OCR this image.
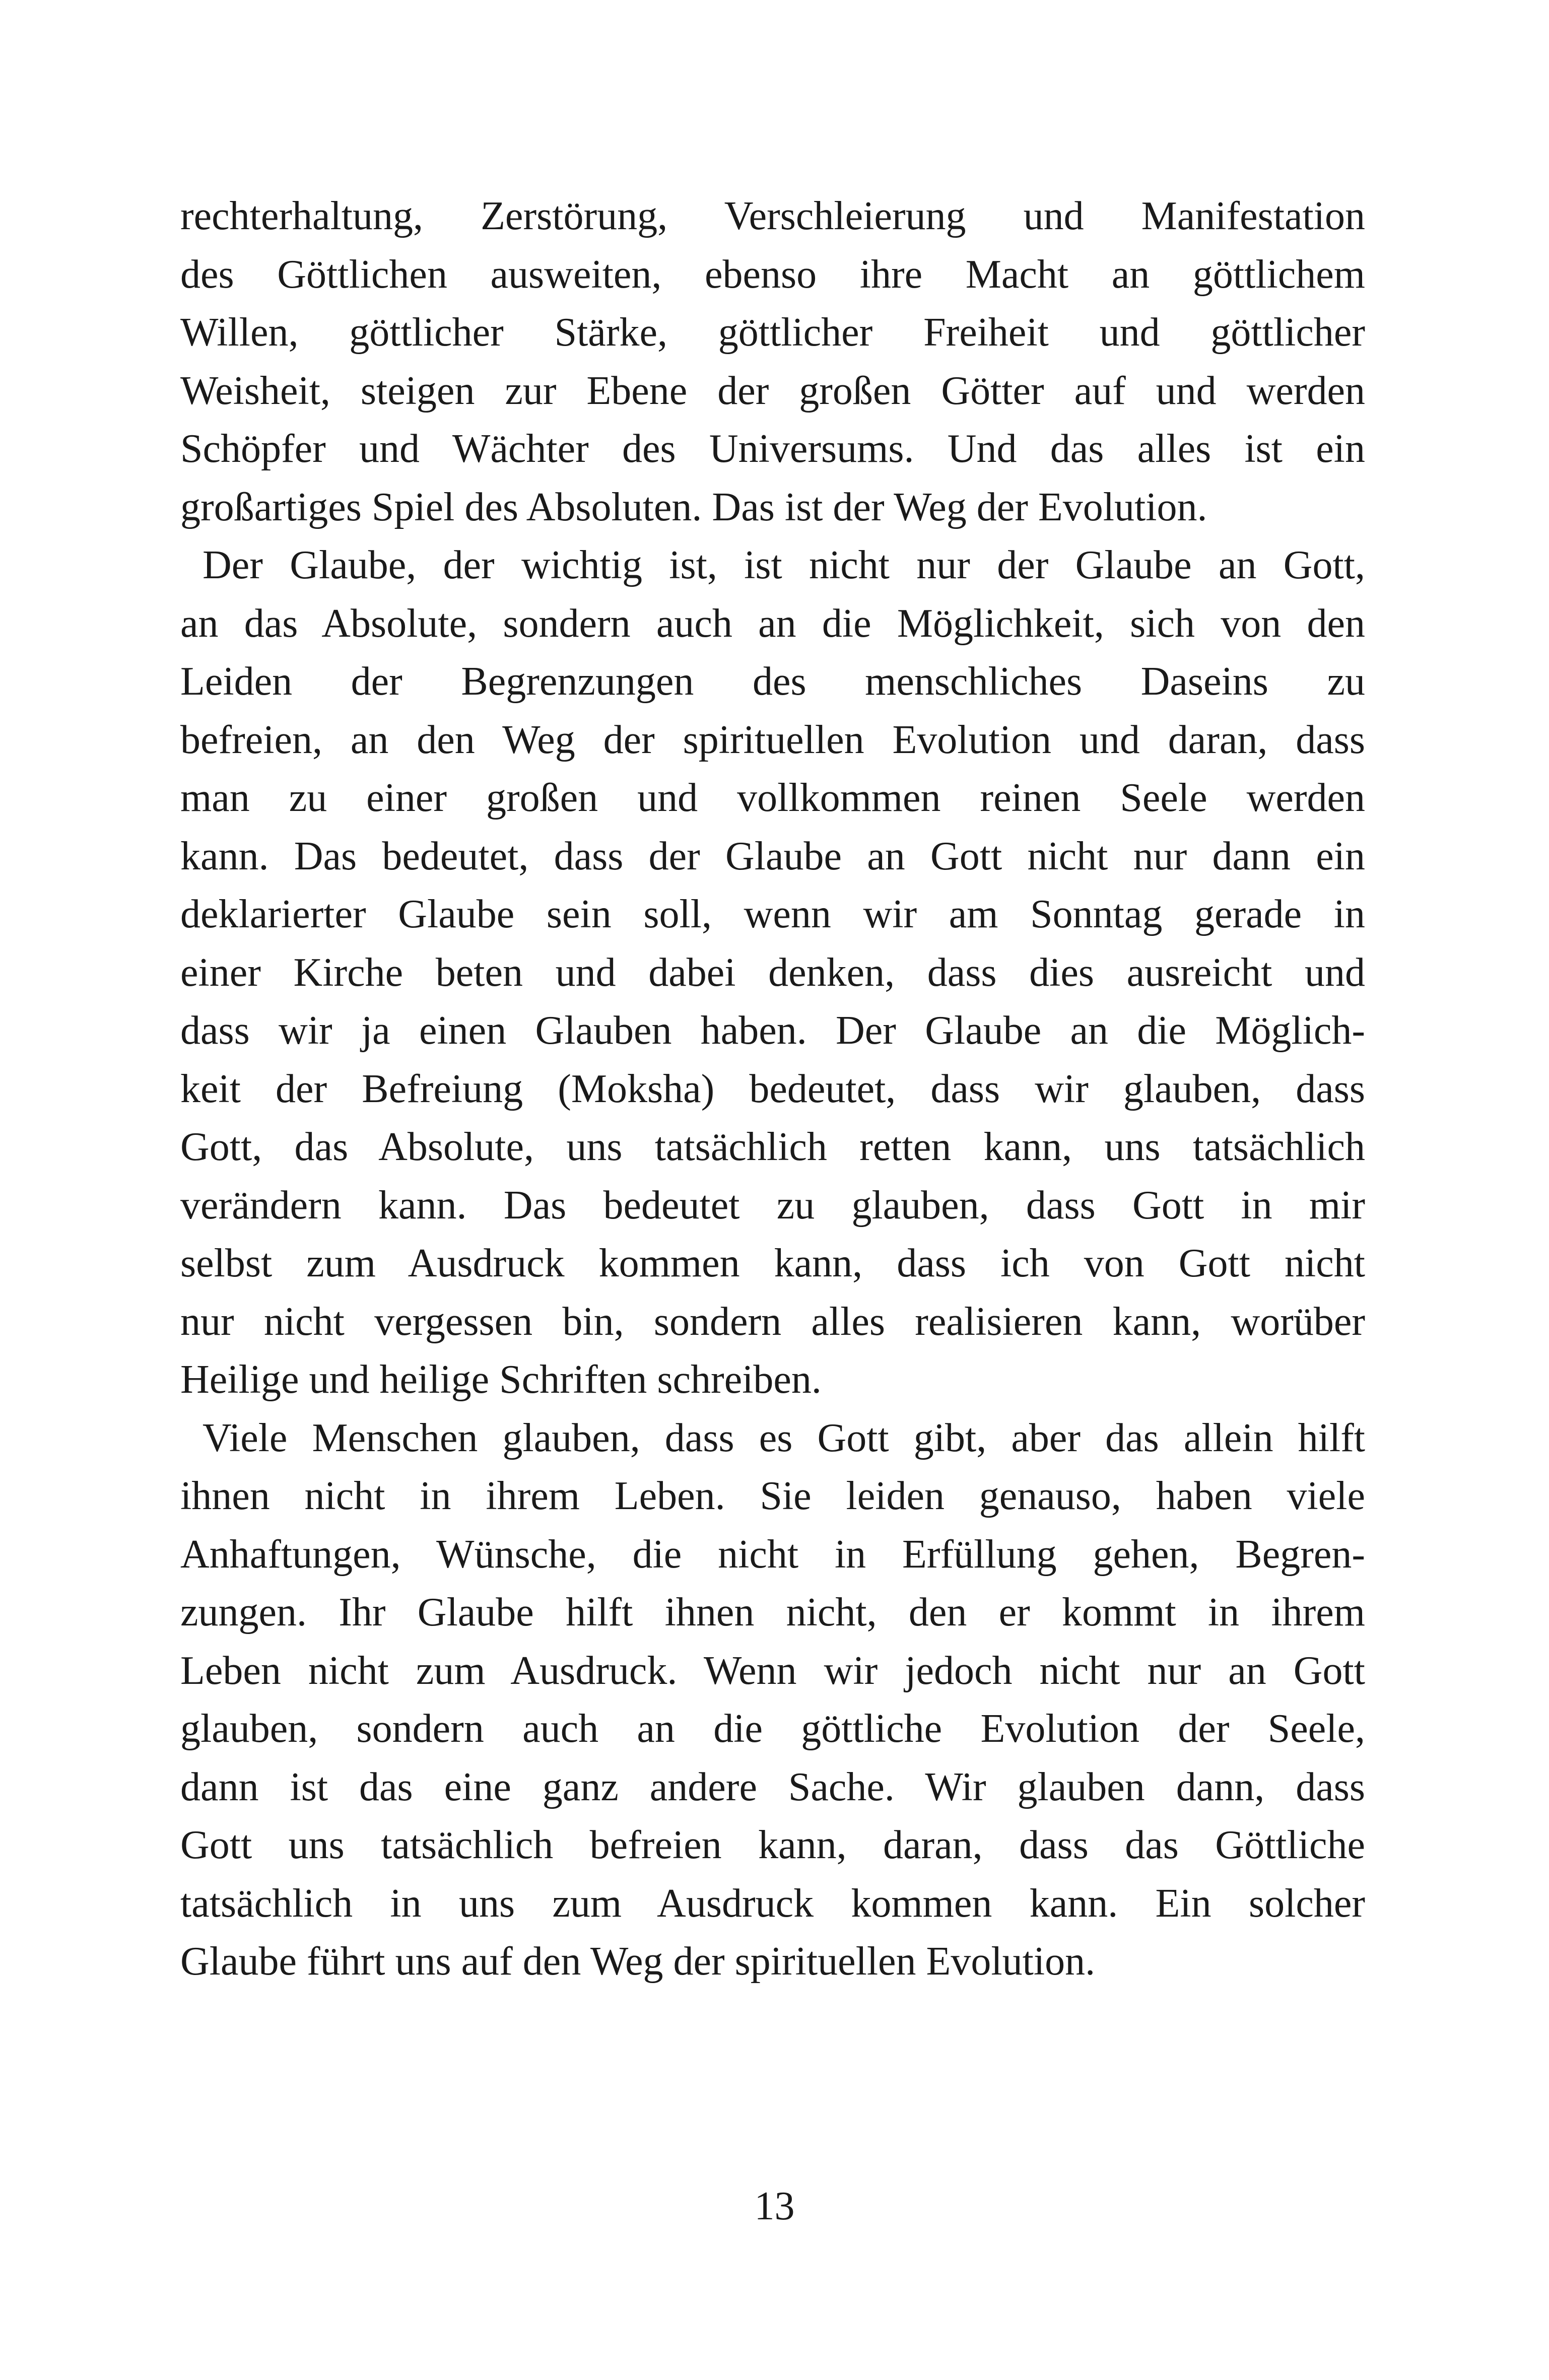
rechterhaltung, Zerstörung, Verschleierung und Manifestation
des Göttlichen ausweiten, ebenso ihre Macht an göttlichem
Willen, göttlicher Stärke, göttlicher Freiheit und göttlicher
Weisheit, steigen zur Ebene der großen Götter auf und werden
Schöpfer und Wächter des Universums. Und das alles ist ein
großartiges Spiel des Absoluten. Das ist der Weg der Evolution.

Der Glaube, der wichtig ist, ist nicht nur der Glaube an Gott,
an das Absolute, sondern auch an die Möglichkeit, sich von den
Leiden der Begrenzungen des menschliches Daseins zu
befreien, an den Weg der spirituellen Evolution und daran, dass
man zu einer großen und vollkommen reinen Seele werden
kann. Das bedeutet, dass der Glaube an Gott nicht nur dann ein
deklarierter Glaube sein soll, wenn wir am Sonntag gerade in
einer Kirche beten und dabei denken, dass dies ausreicht und
dass wir ja einen Glauben haben. Der Glaube an die Möglich-
keit der Befreiung (Moksha) bedeutet, dass wir glauben, dass
Gott, das Absolute, uns tatsächlich retten kann, uns tatsächlich
verändern kann. Das bedeutet zu glauben, dass Gott in mir
selbst zum Ausdruck kommen kann, dass ich von Gott nicht
nur nicht vergessen bin, sondern alles realisieren kann, worüber
Heilige und heilige Schriften schreiben.

Viele Menschen glauben, dass es Gott gibt, aber das allein hilft
ihnen nicht in ihrem Leben. Sie leiden genauso, haben viele
Anhaftungen, Wünsche, die nicht in Erfüllung gehen, Begren-
zungen. Ihr Glaube hilft ihnen nicht, den er kommt in ihrem
Leben nicht zum Ausdruck. Wenn wir jedoch nicht nur an Gott
glauben, sondern auch an die göttliche Evolution der Seele,
dann ist das eine ganz andere Sache. Wir glauben dann, dass
Gott uns tatsächlich befreien kann, daran, dass das Göttliche
tatsächlich in uns zum Ausdruck kommen kann. Ein solcher
Glaube führt uns auf den Weg der spirituellen Evolution.

13
